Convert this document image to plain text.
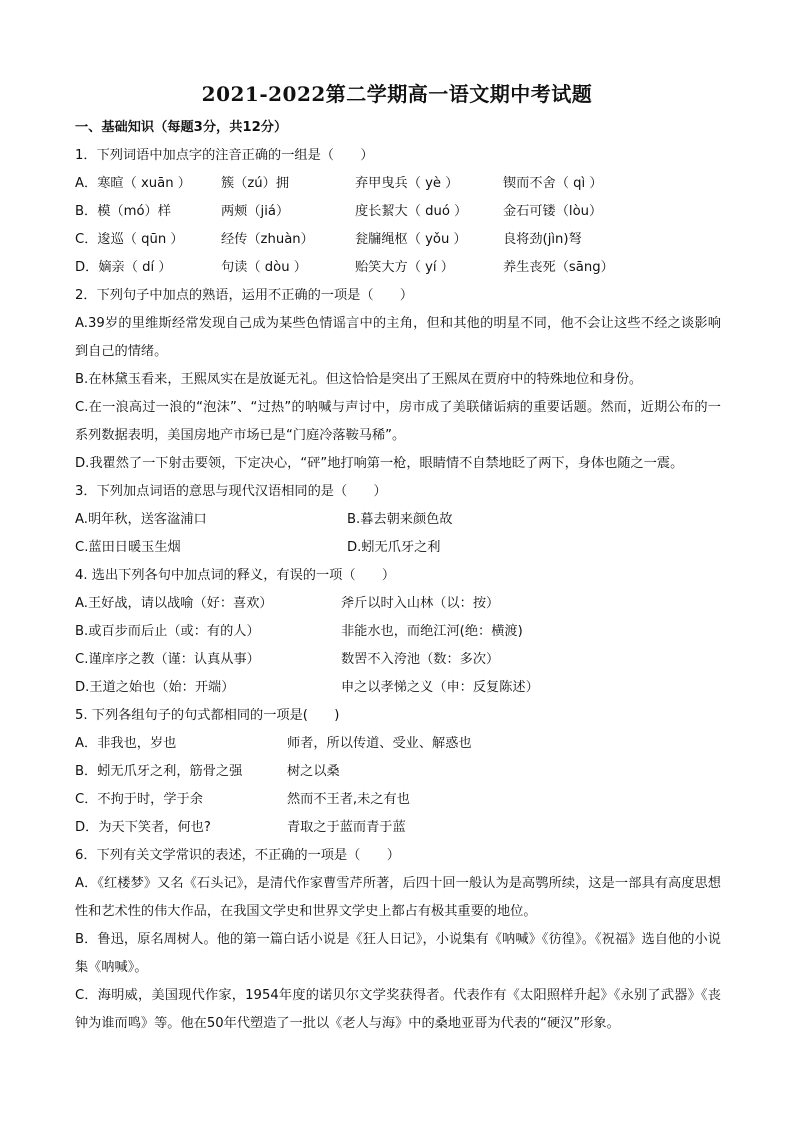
2021-2022第二学期高一语文期中考试题
一、基础知识（每题3分，共12分）
1．下列词语中加点字的注音正确的一组是（　　）
A．寒暄（ xuān ）	簇（zú）拥	弃甲曳兵（ yè ）	锲而不舍（ qì ）
B．模（mó）样	两颊（jiá）	度长絜大（ duó ）	金石可镂（lòu）
C．逡巡（ qūn ）	经传（zhuàn）	瓮牖绳枢（ yǒu ）	良将劲(jìn)弩
D．嫡亲（ dí ）	句读（ dòu ）	贻笑大方（ yí ）	养生丧死（sāng）
2．下列句子中加点的熟语，运用不正确的一项是（　　）
A.39岁的里维斯经常发现自己成为某些色情谣言中的主角，但和其他的明星不同，他不会让这些不经之谈影响到自己的情绪。
B.在林黛玉看来，王熙凤实在是放诞无礼。但这恰恰是突出了王熙凤在贾府中的特殊地位和身份。
C.在一浪高过一浪的“泡沫”、“过热”的呐喊与声讨中，房市成了美联储诟病的重要话题。然而，近期公布的一系列数据表明，美国房地产市场已是“门庭冷落鞍马稀”。
D.我瞿然了一下射击要领，下定决心，“砰”地打响第一枪，眼睛情不自禁地眨了两下，身体也随之一震。
3．下列加点词语的意思与现代汉语相同的是（　　）
A.明年秋，送客湓浦口	B.暮去朝来颜色故
C.蓝田日暖玉生烟	D.蚓无爪牙之利
4. 选出下列各句中加点词的释义，有误的一项（　　）
A.王好战，请以战喻（好：喜欢）	斧斤以时入山林（以：按）
B.或百步而后止（或：有的人）	非能水也，而绝江河(绝：横渡)
C.谨庠序之教（谨：认真从事）	数罟不入洿池（数：多次）
D.王道之始也（始：开端）	申之以孝悌之义（申：反复陈述）
5. 下列各组句子的句式都相同的一项是(　　)
A．非我也，岁也	师者，所以传道、受业、解惑也
B．蚓无爪牙之利，筋骨之强	树之以桑
C．不拘于时，学于余	然而不王者,未之有也
D．为天下笑者，何也?	青取之于蓝而青于蓝
6．下列有关文学常识的表述，不正确的一项是（　　）
A．《红楼梦》又名《石头记》，是清代作家曹雪芹所著，后四十回一般认为是高鹗所续，这是一部具有高度思想性和艺术性的伟大作品，在我国文学史和世界文学史上都占有极其重要的地位。
B．鲁迅，原名周树人。他的第一篇白话小说是《狂人日记》，小说集有《呐喊》《彷徨》。《祝福》选自他的小说集《呐喊》。
C．海明威，美国现代作家，1954年度的诺贝尔文学奖获得者。代表作有《太阳照样升起》《永别了武器》《丧钟为谁而鸣》等。他在50年代塑造了一批以《老人与海》中的桑地亚哥为代表的“硬汉”形象。
